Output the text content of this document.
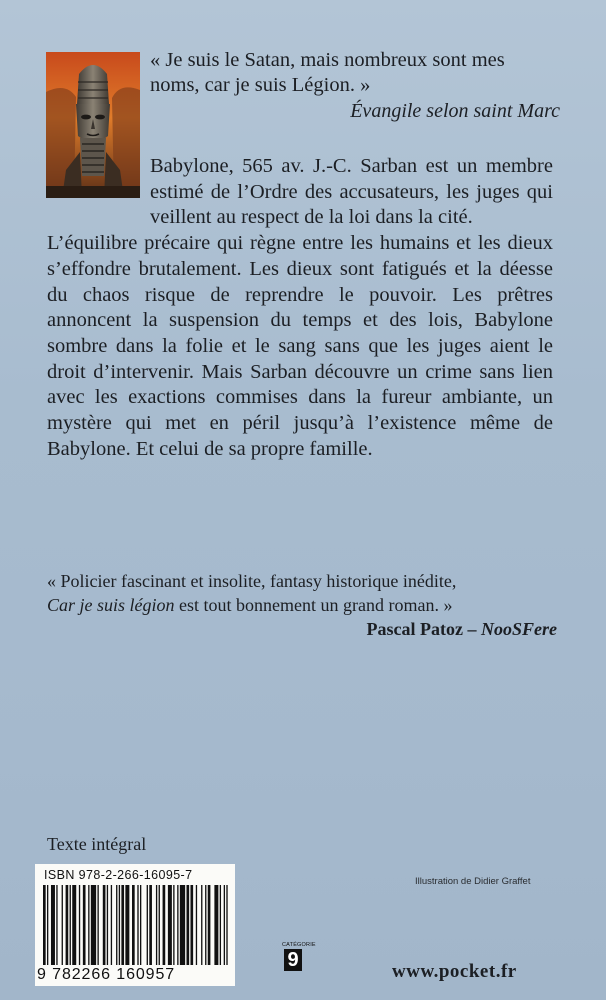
« Je suis le Satan, mais nombreux sont mes
noms, car je suis Légion. »
Évangile selon saint Marc

Babylone, 565 av. J.-C. Sarban est un membre estimé de l’Ordre des accusateurs, les juges qui veillent au respect de la loi dans la cité.

L’équilibre précaire qui règne entre les humains et les dieux s’effondre brutalement. Les dieux sont fatigués et la déesse du chaos risque de reprendre le pouvoir. Les prêtres annoncent la suspension du temps et des lois, Babylone sombre dans la folie et le sang sans que les juges aient le droit d’intervenir. Mais Sarban découvre un crime sans lien avec les exactions commises dans la fureur ambiante, un mystère qui met en péril jusqu’à l’existence même de Babylone. Et celui de sa propre famille.

« Policier fascinant et insolite, fantasy historique inédite,
Car je suis légion est tout bonnement un grand roman. »

Pascal Patoz – NooSFere

Texte intégral
ISBN 978-2-266-16095-7
9 782266 160957
Illustration de Didier Graffet
CATÉGORIE
9
www.pocket.fr
